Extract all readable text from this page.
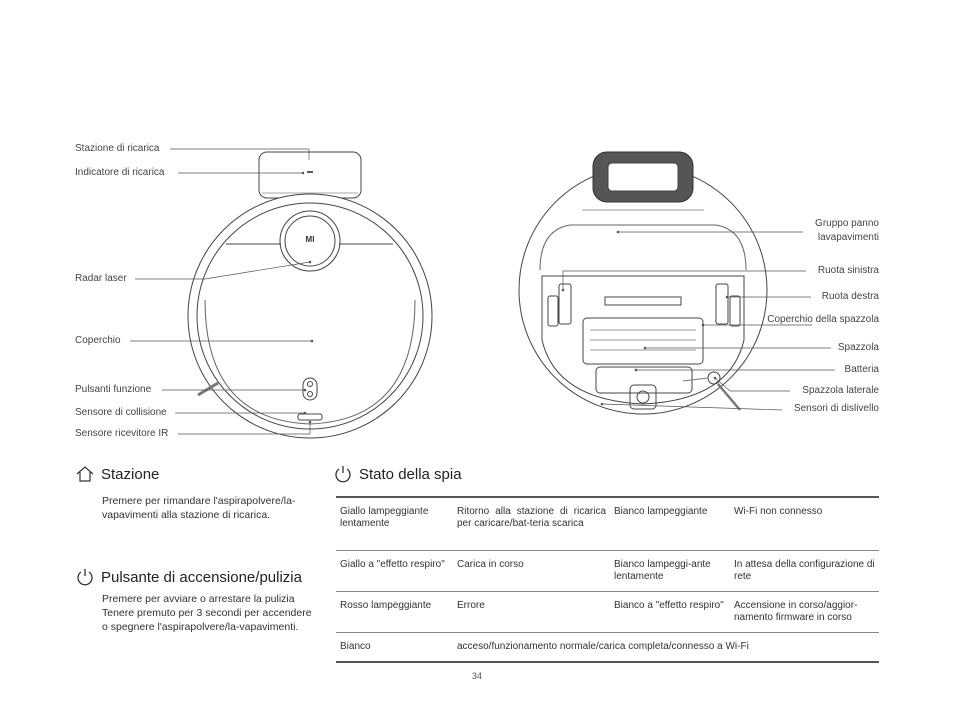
MI
Stazione di ricarica
Indicatore di ricarica
Radar laser
Coperchio
Pulsanti funzione
Sensore di collisione
Sensore ricevitore IR
Gruppo panno lavapavimenti
Ruota sinistra
Ruota destra
Coperchio della spazzola
Spazzola
Batteria
Spazzola laterale
Sensori di dislivello
Stazione
Premere per rimandare l'aspirapolvere/la-vapavimenti alla stazione di ricarica.
Pulsante di accensione/pulizia
Premere per avviare o arrestare la pulizia Tenere premuto per 3 secondi per accendere o spegnere l'aspirapolvere/la-vapavimenti.
Stato della spia
Giallo lampeggiante lentamente	Ritorno alla stazione di ricarica per caricare/bat-teria scarica	Bianco lampeggiante	Wi-Fi non connesso
Giallo a "effetto respiro"	Carica in corso	Bianco lampeggi-ante lentamente	In attesa della configurazione di rete
Rosso lampeggiante	Errore	Bianco a "effetto respiro"	Accensione in corso/aggior-namento firmware in corso
Bianco	acceso/funzionamento normale/carica completa/connesso a Wi-Fi		
34
